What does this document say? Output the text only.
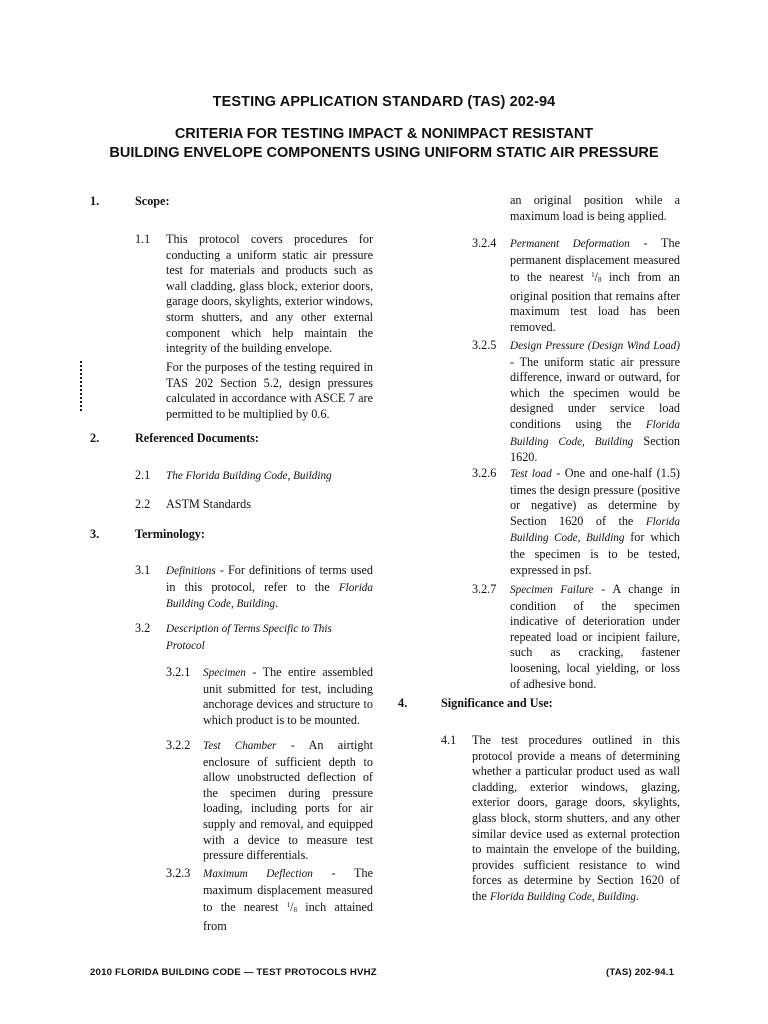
TESTING APPLICATION STANDARD (TAS) 202-94
CRITERIA FOR TESTING IMPACT & NONIMPACT RESISTANT
BUILDING ENVELOPE COMPONENTS USING UNIFORM STATIC AIR PRESSURE
1.	Scope:
1.1 This protocol covers procedures for conducting a uniform static air pressure test for materials and products such as wall cladding, glass block, exterior doors, garage doors, skylights, exterior windows, storm shutters, and any other external component which help maintain the integrity of the building envelope.
For the purposes of the testing required in TAS 202 Section 5.2, design pressures calculated in accordance with ASCE 7 are permitted to be multiplied by 0.6.
2.	Referenced Documents:
2.1 The Florida Building Code, Building
2.2 ASTM Standards
3.	Terminology:
3.1 Definitions - For definitions of terms used in this protocol, refer to the Florida Building Code, Building.
3.2 Description of Terms Specific to This Protocol
3.2.1 Specimen - The entire assembled unit submitted for test, including anchorage devices and structure to which product is to be mounted.
3.2.2 Test Chamber - An airtight enclosure of sufficient depth to allow unobstructed deflection of the specimen during pressure loading, including ports for air supply and removal, and equipped with a device to measure test pressure differentials.
3.2.3 Maximum Deflection - The maximum displacement measured to the nearest $^1/_8$ inch attained from
an original position while a maximum load is being applied.
3.2.4 Permanent Deformation - The permanent displacement measured to the nearest $^1/_8$ inch from an original position that remains after maximum test load has been removed.
3.2.5 Design Pressure (Design Wind Load) - The uniform static air pressure difference, inward or outward, for which the specimen would be designed under service load conditions using the Florida Building Code, Building Section 1620.
3.2.6 Test load - One and one-half (1.5) times the design pressure (positive or negative) as determine by Section 1620 of the Florida Building Code, Building for which the specimen is to be tested, expressed in psf.
3.2.7 Specimen Failure - A change in condition of the specimen indicative of deterioration under repeated load or incipient failure, such as cracking, fastener loosening, local yielding, or loss of adhesive bond.
4.	Significance and Use:
4.1 The test procedures outlined in this protocol provide a means of determining whether a particular product used as wall cladding, exterior windows, glazing, exterior doors, garage doors, skylights, glass block, storm shutters, and any other similar device used as external protection to maintain the envelope of the building, provides sufficient resistance to wind forces as determine by Section 1620 of the Florida Building Code, Building.
2010 FLORIDA BUILDING CODE — TEST PROTOCOLS HVHZ	(TAS) 202-94.1
